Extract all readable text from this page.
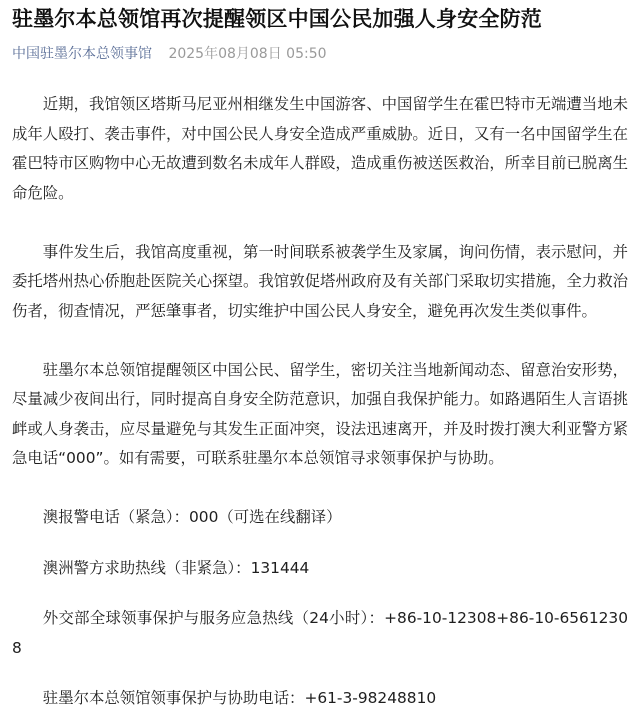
驻墨尔本总领馆再次提醒领区中国公民加强人身安全防范
中国驻墨尔本总领事馆 2025年08月08日 05:50

近期，我馆领区塔斯马尼亚州相继发生中国游客、中国留学生在霍巴特市无端遭当地未成年人殴打、袭击事件，对中国公民人身安全造成严重威胁。近日，又有一名中国留学生在霍巴特市区购物中心无故遭到数名未成年人群殴，造成重伤被送医救治，所幸目前已脱离生命危险。

事件发生后，我馆高度重视，第一时间联系被袭学生及家属，询问伤情，表示慰问，并委托塔州热心侨胞赴医院关心探望。我馆敦促塔州政府及有关部门采取切实措施，全力救治伤者，彻查情况，严惩肇事者，切实维护中国公民人身安全，避免再次发生类似事件。

驻墨尔本总领馆提醒领区中国公民、留学生，密切关注当地新闻动态、留意治安形势，尽量减少夜间出行，同时提高自身安全防范意识，加强自我保护能力。如路遇陌生人言语挑衅或人身袭击，应尽量避免与其发生正面冲突，设法迅速离开，并及时拨打澳大利亚警方紧急电话“000”。如有需要，可联系驻墨尔本总领馆寻求领事保护与协助。

澳报警电话（紧急）：000（可选在线翻译）

澳洲警方求助热线（非紧急）：131444

外交部全球领事保护与服务应急热线（24小时）：+86-10-12308+86-10-65612308

驻墨尔本总领馆领事保护与协助电话：+61-3-98248810
